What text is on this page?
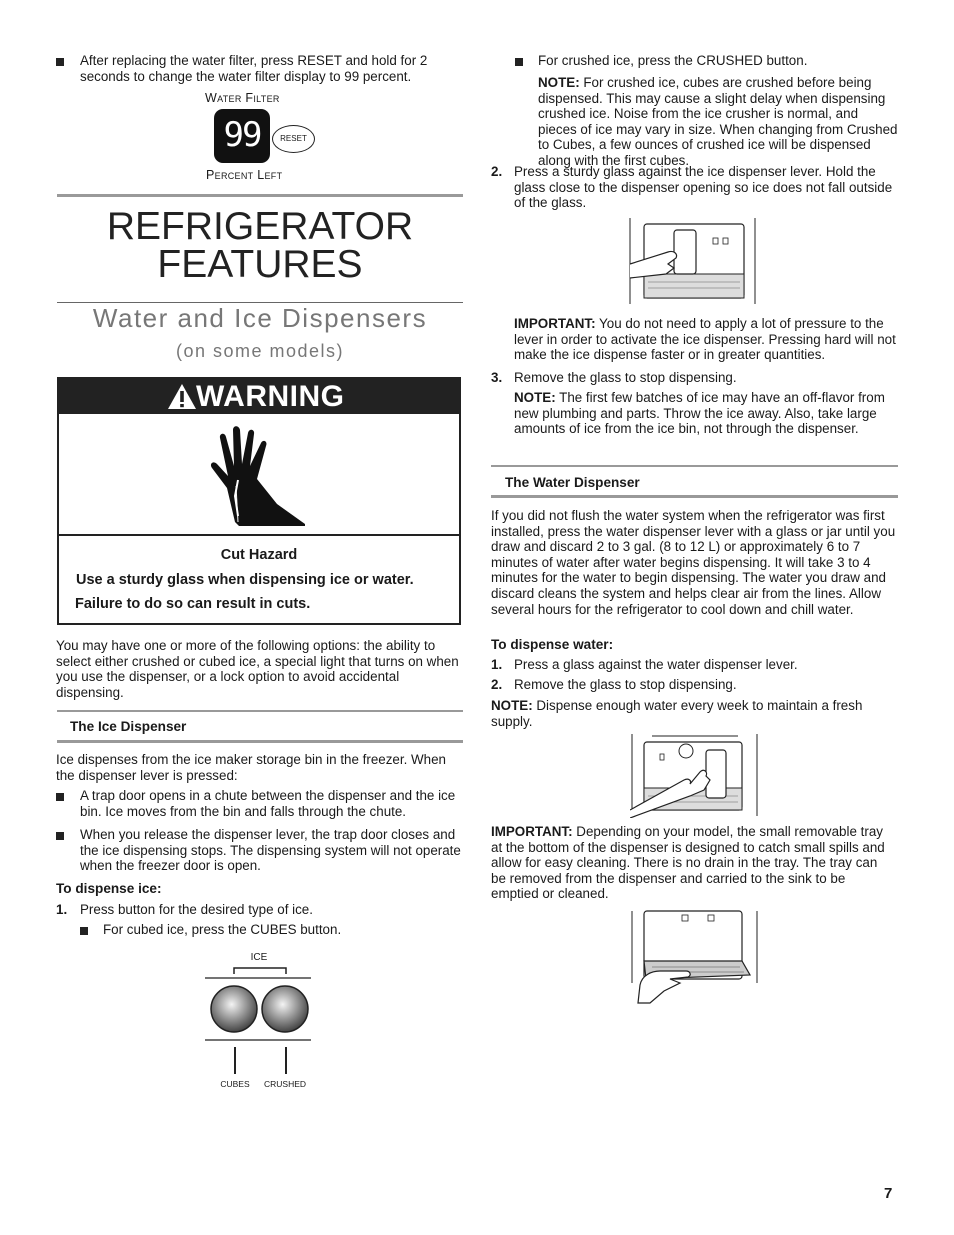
After replacing the water filter, press RESET and hold for 2 seconds to change the water filter display to 99 percent.
Water Filter
99	RESET
Percent Left
REFRIGERATOR
FEATURES
Water and Ice Dispensers
(on some models)
WARNING
Cut Hazard
Use a sturdy glass when dispensing ice or water.
Failure to do so can result in cuts.
You may have one or more of the following options: the ability to select either crushed or cubed ice, a special light that turns on when you use the dispenser, or a lock option to avoid accidental dispensing.
The Ice Dispenser
Ice dispenses from the ice maker storage bin in the freezer. When the dispenser lever is pressed:
A trap door opens in a chute between the dispenser and the ice bin. Ice moves from the bin and falls through the chute.
When you release the dispenser lever, the trap door closes and the ice dispensing stops. The dispensing system will not operate when the freezer door is open.
To dispense ice:
1. Press button for the desired type of ice.
For cubed ice, press the CUBES button.
ICE
CUBES	CRUSHED
For crushed ice, press the CRUSHED button.
NOTE: For crushed ice, cubes are crushed before being dispensed. This may cause a slight delay when dispensing crushed ice. Noise from the ice crusher is normal, and pieces of ice may vary in size. When changing from Crushed to Cubes, a few ounces of crushed ice will be dispensed along with the first cubes.
2. Press a sturdy glass against the ice dispenser lever. Hold the glass close to the dispenser opening so ice does not fall outside of the glass.
IMPORTANT: You do not need to apply a lot of pressure to the lever in order to activate the ice dispenser. Pressing hard will not make the ice dispense faster or in greater quantities.
3. Remove the glass to stop dispensing.
NOTE: The first few batches of ice may have an off-flavor from new plumbing and parts. Throw the ice away. Also, take large amounts of ice from the ice bin, not through the dispenser.
The Water Dispenser
If you did not flush the water system when the refrigerator was first installed, press the water dispenser lever with a glass or jar until you draw and discard 2 to 3 gal. (8 to 12 L) or approximately 6 to 7 minutes of water after water begins dispensing. It will take 3 to 4 minutes for the water to begin dispensing. The water you draw and discard cleans the system and helps clear air from the lines. Allow several hours for the refrigerator to cool down and chill water.
To dispense water:
1. Press a glass against the water dispenser lever.
2. Remove the glass to stop dispensing.
NOTE: Dispense enough water every week to maintain a fresh supply.
IMPORTANT: Depending on your model, the small removable tray at the bottom of the dispenser is designed to catch small spills and allow for easy cleaning. There is no drain in the tray. The tray can be removed from the dispenser and carried to the sink to be emptied or cleaned.
7
